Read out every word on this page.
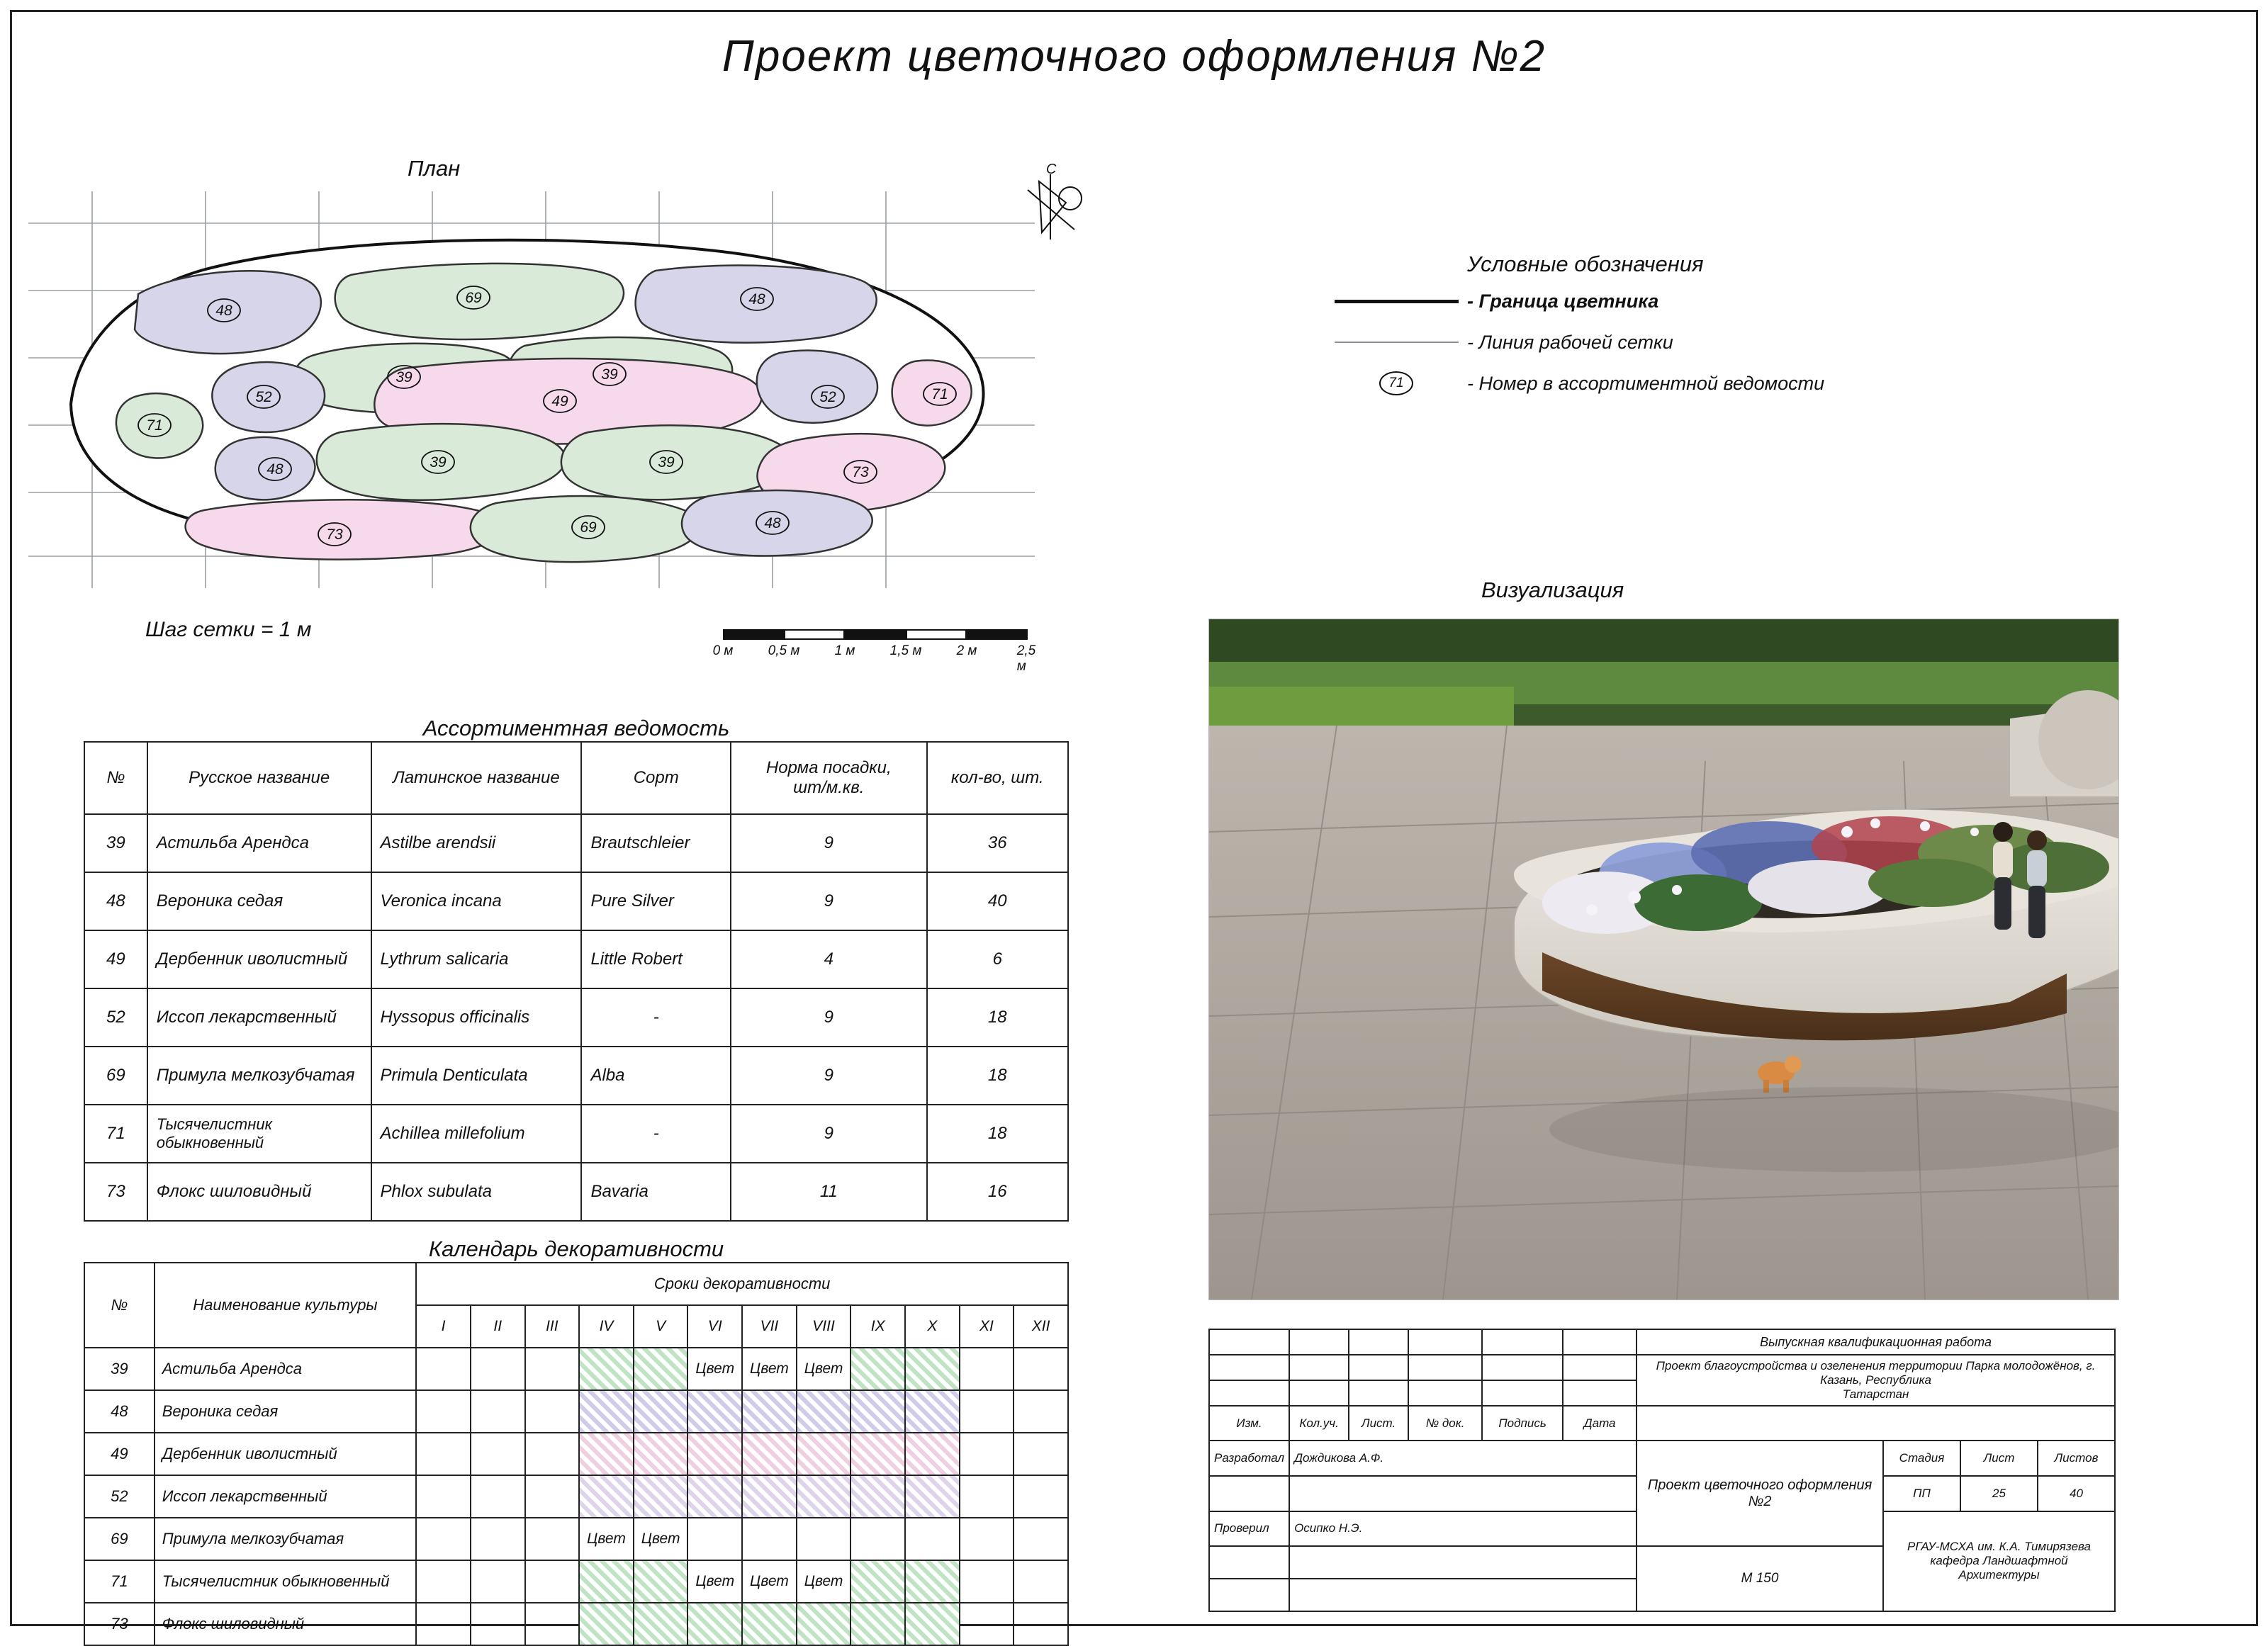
Проект цветочного оформления №2
План
48
69	48
39	39
52	49	52	71
71
48	39	39
73
73	69	48
С
Шаг сетки = 1 м
0 м	0,5 м	1 м	1,5 м	2 м	2,5 м
Условные обозначения
- Граница цветника
- Линия рабочей сетки
71	- Номер в ассортиментной ведомости
Ассортиментная ведомость
№	Русское название	Латинское название	Сорт	Норма посадки,
шт/м.кв.	кол-во, шт.
39	Астильба Арендса	Astilbe arendsii	Brautschleier	9	36
48	Вероника седая	Veronica incana	Pure Silver	9	40
49	Дербенник иволистный	Lythrum salicaria	Little Robert	4	6
52	Иссоп лекарственный	Hyssopus officinalis	-	9	18
69	Примула мелкозубчатая	Primula Denticulata	Alba	9	18
71	Тысячелистник обыкновенный	Achillea millefolium	-	9	18
73	Флокс шиловидный	Phlox subulata	Bavaria	11	16
Календарь декоративности
№	Наименование культуры	Сроки декоративности											
		I	II	III	IV	V	VI	VII	VIII	IX	X	XI	XII
39	Астильба Арендса						Цвет	Цвет	Цвет				
48	Вероника седая												
49	Дербенник иволистный												
52	Иссоп лекарственный												
69	Примула мелкозубчатая				Цвет	Цвет							
71	Тысячелистник обыкновенный						Цвет	Цвет	Цвет				
73	Флокс шиловидный												
Визуализация
						Выпускная квалификационная работа			

						Проект благоустройства и озеленения территории Парка молодожёнов, г. Казань, Республика
Татарстан			

Изм.	Кол.уч.	Лист.	№ док.	Подпись	Дата				
Разработал	Дождикова А.Ф.					Проект цветочного оформления №2	Стадия	Лист	Листов
							ПП	25	40
Проверил	Осипко Н.Э.						РГАУ-МСХА им. К.А. Тимирязева
кафедра Ландшафтной Архитектуры		

						М 150			
